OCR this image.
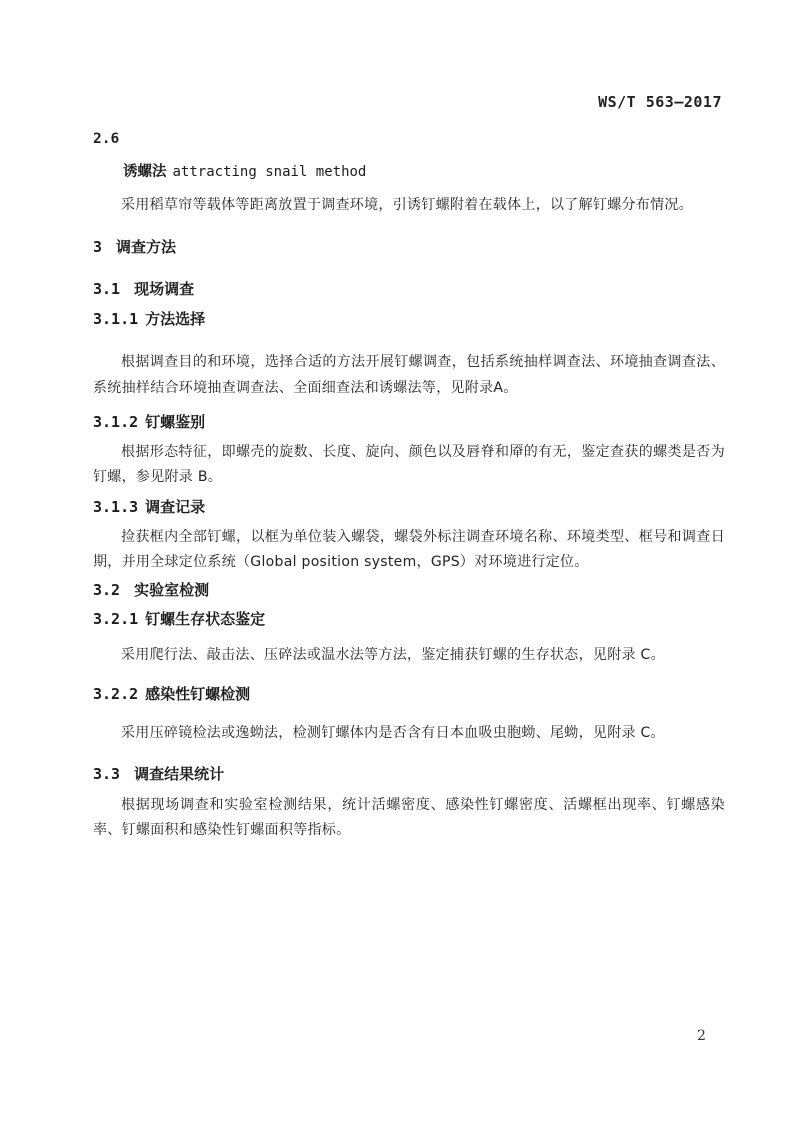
WS/T 563—2017
2.6
诱螺法 attracting snail method
采用稻草帘等载体等距离放置于调查环境，引诱钉螺附着在载体上，以了解钉螺分布情况。
3 调查方法
3.1 现场调查
3.1.1 方法选择
根据调查目的和环境，选择合适的方法开展钉螺调查，包括系统抽样调查法、环境抽查调查法、系统抽样结合环境抽查调查法、全面细查法和诱螺法等，见附录A。
3.1.2 钉螺鉴别
根据形态特征，即螺壳的旋数、长度、旋向、颜色以及唇脊和厣的有无，鉴定查获的螺类是否为钉螺，参见附录 B。
3.1.3 调查记录
捡获框内全部钉螺，以框为单位装入螺袋，螺袋外标注调查环境名称、环境类型、框号和调查日期，并用全球定位系统（Global position system，GPS）对环境进行定位。
3.2 实验室检测
3.2.1 钉螺生存状态鉴定
采用爬行法、敲击法、压碎法或温水法等方法，鉴定捕获钉螺的生存状态，见附录 C。
3.2.2 感染性钉螺检测
采用压碎镜检法或逸蚴法，检测钉螺体内是否含有日本血吸虫胞蚴、尾蚴，见附录 C。
3.3 调查结果统计
根据现场调查和实验室检测结果，统计活螺密度、感染性钉螺密度、活螺框出现率、钉螺感染率、钉螺面积和感染性钉螺面积等指标。
2
